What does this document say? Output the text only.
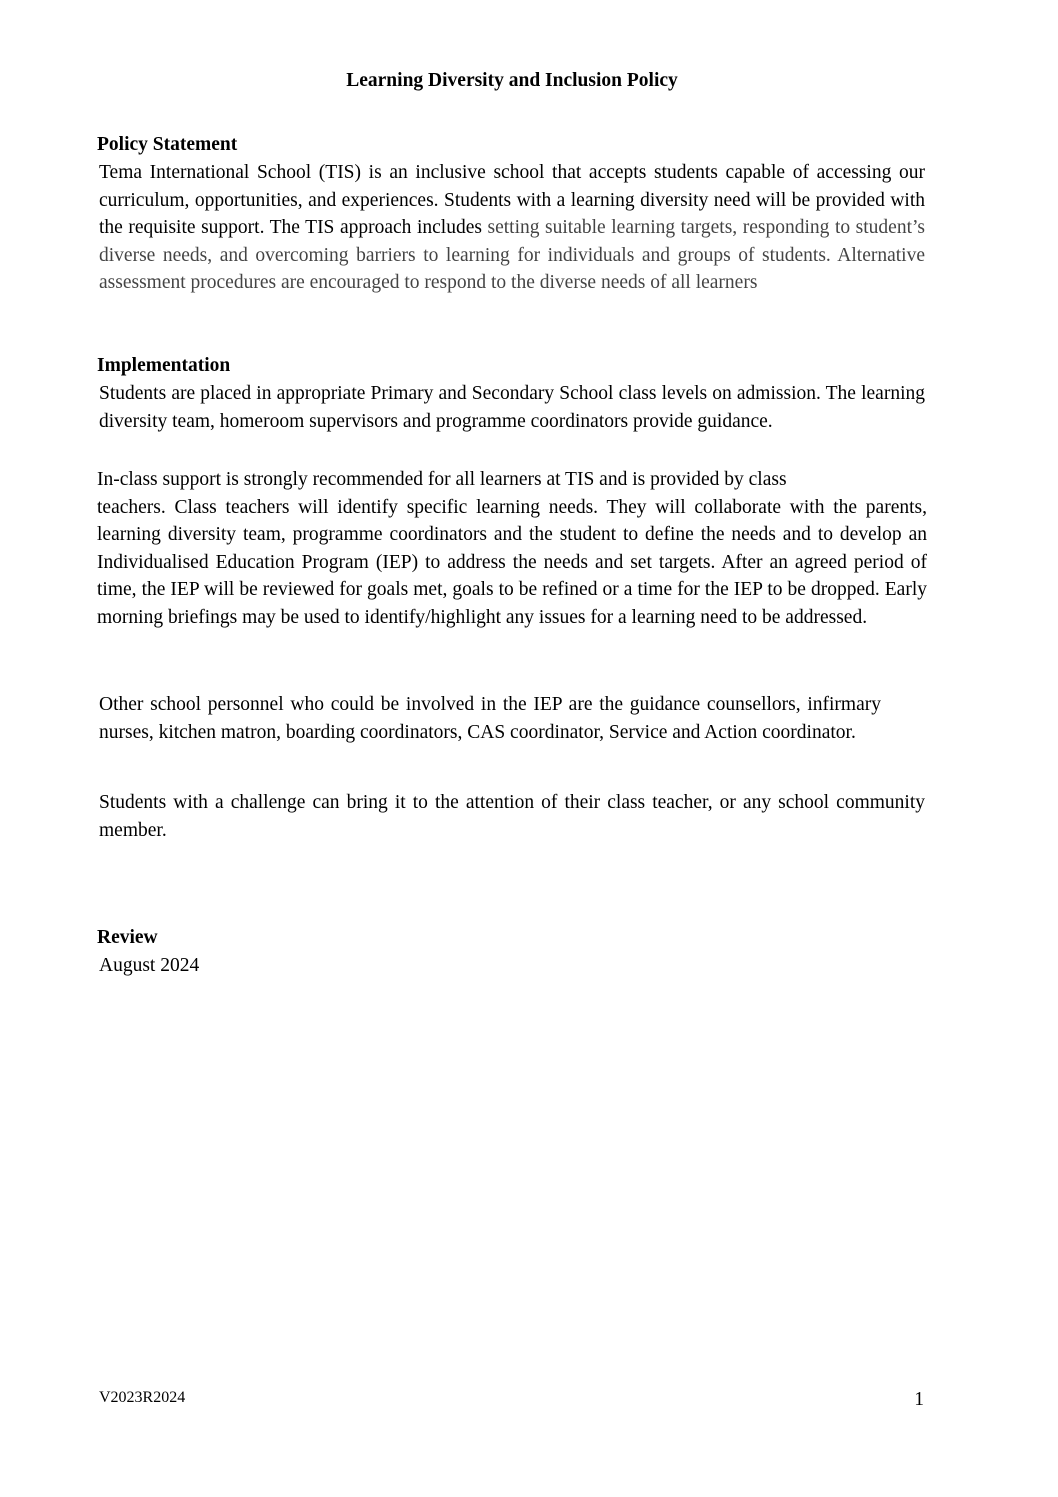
Learning Diversity and Inclusion Policy
Policy Statement
Tema International School (TIS) is an inclusive school that accepts students capable of accessing our curriculum, opportunities, and experiences. Students with a learning diversity need will be provided with the requisite support. The TIS approach includes setting suitable learning targets, responding to student’s diverse needs, and overcoming barriers to learning for individuals and groups of students. Alternative assessment procedures are encouraged to respond to the diverse needs of all learners
Implementation
Students are placed in appropriate Primary and Secondary School class levels on admission. The learning diversity team, homeroom supervisors and programme coordinators provide guidance.
In-class support is strongly recommended for all learners at TIS and is provided by class
teachers. Class teachers will identify specific learning needs. They will collaborate with the parents, learning diversity team, programme coordinators and the student to define the needs and to develop an Individualised Education Program (IEP) to address the needs and set targets. After an agreed period of time, the IEP will be reviewed for goals met, goals to be refined or a time for the IEP to be dropped. Early morning briefings may be used to identify/highlight any issues for a learning need to be addressed.
Other school personnel who could be involved in the IEP are the guidance counsellors, infirmary nurses, kitchen matron, boarding coordinators, CAS coordinator, Service and Action coordinator.
Students with a challenge can bring it to the attention of their class teacher, or any school community member.
Review
August 2024
V2023R2024	1
